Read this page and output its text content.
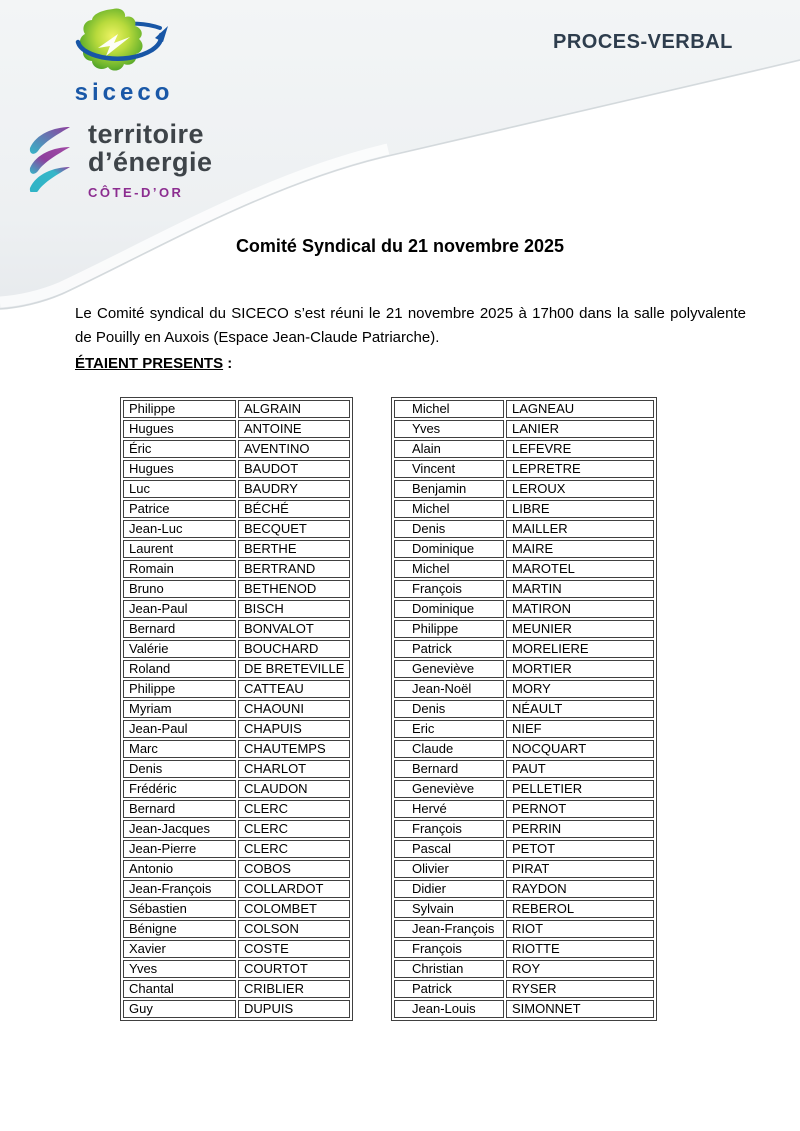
siceco
territoire
d’énergie
CÔTE-D’OR
PROCES-VERBAL
Comité Syndical du 21 novembre 2025

Le Comité syndical du SICECO s’est réuni le 21 novembre 2025 à 17h00 dans la salle polyvalente de Pouilly en Auxois (Espace Jean-Claude Patriarche).

ÉTAIENT PRESENTS :
Philippe	ALGRAIN
Hugues	ANTOINE
Éric	AVENTINO
Hugues	BAUDOT
Luc	BAUDRY
Patrice	BÉCHÉ
Jean-Luc	BECQUET
Laurent	BERTHE
Romain	BERTRAND
Bruno	BETHENOD
Jean-Paul	BISCH
Bernard	BONVALOT
Valérie	BOUCHARD
Roland	DE BRETEVILLE
Philippe	CATTEAU
Myriam	CHAOUNI
Jean-Paul	CHAPUIS
Marc	CHAUTEMPS
Denis	CHARLOT
Frédéric	CLAUDON
Bernard	CLERC
Jean-Jacques	CLERC
Jean-Pierre	CLERC
Antonio	COBOS
Jean-François	COLLARDOT
Sébastien	COLOMBET
Bénigne	COLSON
Xavier	COSTE
Yves	COURTOT
Chantal	CRIBLIER
Guy	DUPUIS
Michel	LAGNEAU
Yves	LANIER
Alain	LEFEVRE
Vincent	LEPRETRE
Benjamin	LEROUX
Michel	LIBRE
Denis	MAILLER
Dominique	MAIRE
Michel	MAROTEL
François	MARTIN
Dominique	MATIRON
Philippe	MEUNIER
Patrick	MORELIERE
Geneviève	MORTIER
Jean-Noël	MORY
Denis	NÉAULT
Eric	NIEF
Claude	NOCQUART
Bernard	PAUT
Geneviève	PELLETIER
Hervé	PERNOT
François	PERRIN
Pascal	PETOT
Olivier	PIRAT
Didier	RAYDON
Sylvain	REBEROL
Jean-François	RIOT
François	RIOTTE
Christian	ROY
Patrick	RYSER
Jean-Louis	SIMONNET
